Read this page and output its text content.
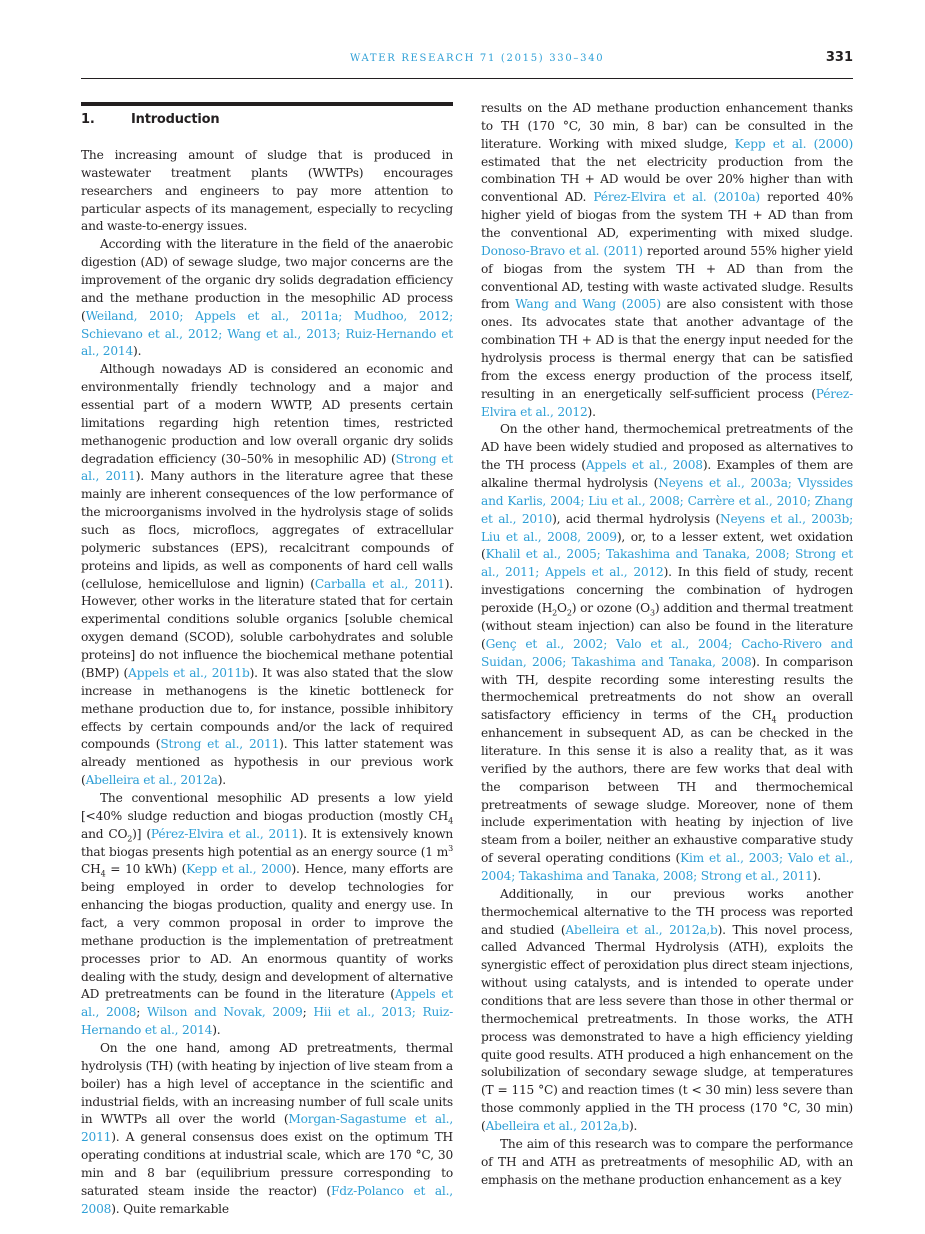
WATER RESEARCH 71 (2015) 330–340	331
1.	Introduction

The increasing amount of sludge that is produced in wastewater treatment plants (WWTPs) encourages researchers and engineers to pay more attention to particular aspects of its management, especially to recycling and waste-to-energy issues.

According with the literature in the field of the anaerobic digestion (AD) of sewage sludge, two major concerns are the improvement of the organic dry solids degradation efficiency and the methane production in the mesophilic AD process (Weiland, 2010; Appels et al., 2011a; Mudhoo, 2012; Schievano et al., 2012; Wang et al., 2013; Ruiz-Hernando et al., 2014).

Although nowadays AD is considered an economic and environmentally friendly technology and a major and essential part of a modern WWTP, AD presents certain limitations regarding high retention times, restricted methanogenic production and low overall organic dry solids degradation efficiency (30–50% in mesophilic AD) (Strong et al., 2011). Many authors in the literature agree that these mainly are inherent consequences of the low performance of the microorganisms involved in the hydrolysis stage of solids such as flocs, microflocs, aggregates of extracellular polymeric substances (EPS), recalcitrant compounds of proteins and lipids, as well as components of hard cell walls (cellulose, hemicellulose and lignin) (Carballa et al., 2011). However, other works in the literature stated that for certain experimental conditions soluble organics [soluble chemical oxygen demand (SCOD), soluble carbohydrates and soluble proteins] do not influence the biochemical methane potential (BMP) (Appels et al., 2011b). It was also stated that the slow increase in methanogens is the kinetic bottleneck for methane production due to, for instance, possible inhibitory effects by certain compounds and/or the lack of required compounds (Strong et al., 2011). This latter statement was already mentioned as hypothesis in our previous work (Abelleira et al., 2012a).

The conventional mesophilic AD presents a low yield [<40% sludge reduction and biogas production (mostly $CH_4$ and $CO_2$)] (Pérez-Elvira et al., 2011). It is extensively known that biogas presents high potential as an energy source (1 $m^3$ $CH_4 = 10$ kWh) (Kepp et al., 2000). Hence, many efforts are being employed in order to develop technologies for enhancing the biogas production, quality and energy use. In fact, a very common proposal in order to improve the methane production is the implementation of pretreatment processes prior to AD. An enormous quantity of works dealing with the study, design and development of alternative AD pretreatments can be found in the literature (Appels et al., 2008; Wilson and Novak, 2009; Hii et al., 2013; Ruiz-Hernando et al., 2014).

On the one hand, among AD pretreatments, thermal hydrolysis (TH) (with heating by injection of live steam from a boiler) has a high level of acceptance in the scientific and industrial fields, with an increasing number of full scale units in WWTPs all over the world (Morgan-Sagastume et al., 2011). A general consensus does exist on the optimum TH operating conditions at industrial scale, which are 170 °C, 30 min and 8 bar (equilibrium pressure corresponding to saturated steam inside the reactor) (Fdz-Polanco et al., 2008). Quite remarkable

results on the AD methane production enhancement thanks to TH (170 °C, 30 min, 8 bar) can be consulted in the literature. Working with mixed sludge, Kepp et al. (2000) estimated that the net electricity production from the combination TH + AD would be over 20% higher than with conventional AD. Pérez-Elvira et al. (2010a) reported 40% higher yield of biogas from the system TH + AD than from the conventional AD, experimenting with mixed sludge. Donoso-Bravo et al. (2011) reported around 55% higher yield of biogas from the system TH + AD than from the conventional AD, testing with waste activated sludge. Results from Wang and Wang (2005) are also consistent with those ones. Its advocates state that another advantage of the combination TH + AD is that the energy input needed for the hydrolysis process is thermal energy that can be satisfied from the excess energy production of the process itself, resulting in an energetically self-sufficient process (Pérez-Elvira et al., 2012).

On the other hand, thermochemical pretreatments of the AD have been widely studied and proposed as alternatives to the TH process (Appels et al., 2008). Examples of them are alkaline thermal hydrolysis (Neyens et al., 2003a; Vlyssides and Karlis, 2004; Liu et al., 2008; Carrère et al., 2010; Zhang et al., 2010), acid thermal hydrolysis (Neyens et al., 2003b; Liu et al., 2008, 2009), or, to a lesser extent, wet oxidation (Khalil et al., 2005; Takashima and Tanaka, 2008; Strong et al., 2011; Appels et al., 2012). In this field of study, recent investigations concerning the combination of hydrogen peroxide $(H_2O_2)$ or ozone $(O_3)$ addition and thermal treatment (without steam injection) can also be found in the literature (Genç et al., 2002; Valo et al., 2004; Cacho-Rivero and Suidan, 2006; Takashima and Tanaka, 2008). In comparison with TH, despite recording some interesting results the thermochemical pretreatments do not show an overall satisfactory efficiency in terms of the $CH_4$ production enhancement in subsequent AD, as can be checked in the literature. In this sense it is also a reality that, as it was verified by the authors, there are few works that deal with the comparison between TH and thermochemical pretreatments of sewage sludge. Moreover, none of them include experimentation with heating by injection of live steam from a boiler, neither an exhaustive comparative study of several operating conditions (Kim et al., 2003; Valo et al., 2004; Takashima and Tanaka, 2008; Strong et al., 2011).

Additionally, in our previous works another thermochemical alternative to the TH process was reported and studied (Abelleira et al., 2012a,b). This novel process, called Advanced Thermal Hydrolysis (ATH), exploits the synergistic effect of peroxidation plus direct steam injections, without using catalysts, and is intended to operate under conditions that are less severe than those in other thermal or thermochemical pretreatments. In those works, the ATH process was demonstrated to have a high efficiency yielding quite good results. ATH produced a high enhancement on the solubilization of secondary sewage sludge, at temperatures (T = 115 °C) and reaction times (t < 30 min) less severe than those commonly applied in the TH process (170 °C, 30 min) (Abelleira et al., 2012a,b).

The aim of this research was to compare the performance of TH and ATH as pretreatments of mesophilic AD, with an emphasis on the methane production enhancement as a key
